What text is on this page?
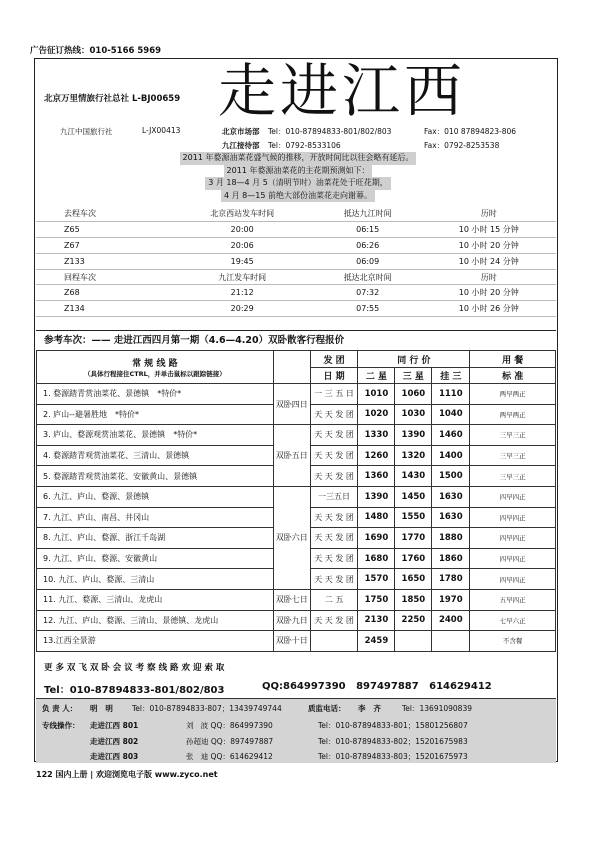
广告征订热线：010-5166 5969
北京万里情旅行社总社 L-BJ00659 走进江西
九江中国旅行社	L-JX00413	北京市场部 Tel：010-87894833-801/802/803	Fax：010 87894823-806
九江接待部 Tel：0792-8533106	Fax：0792-8253538
2011 年婺源油菜花盛气候的推移，开放时间比以往会略有延后。
2011 年婺源油菜花的主花期预测如下：
3 月 18—4 月 5（清明节时）油菜花处于旺花期，
4 月 8—15 前绝大部份油菜花走向谢幕。
去程车次	北京西站发车时间	抵达九江时间	历时
Z65	20:00	06:15	10 小时 15 分钟
Z67	20:06	06:26	10 小时 20 分钟
Z133	19:45	06:09	10 小时 24 分钟
回程车次	九江发车时间	抵达北京时间	历时
Z68	21:12	07:32	10 小时 20 分钟
Z134	20:29	07:55	10 小时 26 分钟
参考车次：—— 走进江西四月第一期（4.6—4.20）双卧散客行程报价
常 规 线 路
（具体行程接住CTRL，并单击鼠标以跟踪链接）		发 团	同 行 价			用 餐
		日 期	二 星	三 星	挂 三	标 准
1. 婺源踏青赏油菜花、景德镇 *特价*	双卧四日	一 三 五 日	1010	1060	1110	两早两正
2. 庐山--避暑胜地 *特价*		天 天 发 团	1020	1030	1040	两早两正
3. 庐山、婺源观赏油菜花、景德镇 *特价*	双卧五日	天 天 发 团	1330	1390	1460	三早三正
4. 婺源踏青观赏油菜花、三清山、景德镇		天 天 发 团	1260	1320	1400	三早三正
5. 婺源踏青观赏油菜花、安徽黄山、景德镇		天 天 发 团	1360	1430	1500	三早三正
6. 九江、庐山、婺源、景德镇	双卧六日	一三五日	1390	1450	1630	四早四正
7. 九江、庐山、南昌、井冈山		天 天 发 团	1480	1550	1630	四早四正
8. 九江、庐山、婺源、浙江千岛湖		天 天 发 团	1690	1770	1880	四早四正
9. 九江、庐山、婺源、安徽黄山		天 天 发 团	1680	1760	1860	四早四正
10. 九江、庐山、婺源、三清山		天 天 发 团	1570	1650	1780	四早四正
11. 九江、婺源、三清山、龙虎山	双卧七日	二 五	1750	1850	1970	五早四正
12. 九江、庐山、婺源、三清山、景德镇、龙虎山	双卧九日	天 天 发 团	2130	2250	2400	七早六正
13.江西全景游	双卧十日		2459			不含餐
更 多 双 飞 双 卧 会 议 考 察 线 路 欢 迎 索 取
Tel：010-87894833-801/802/803	QQ:864997390   897497887   614629412
负 责 人： 明   明	Tel：010-87894833-807；13439749744	质监电话： 李   齐	Tel：13691090839
专线操作： 走进江西 801	刘   波 QQ：864997390	Tel：010-87894833-801；15801256807
走进江西 802	孙超迪 QQ：897497887	Tel：010-87894833-802；15201675983
走进江西 803	张   迪 QQ：614629412	Tel：010-87894833-803；15201675973
122 国内上册 | 欢迎浏览电子版 www.zyco.net
